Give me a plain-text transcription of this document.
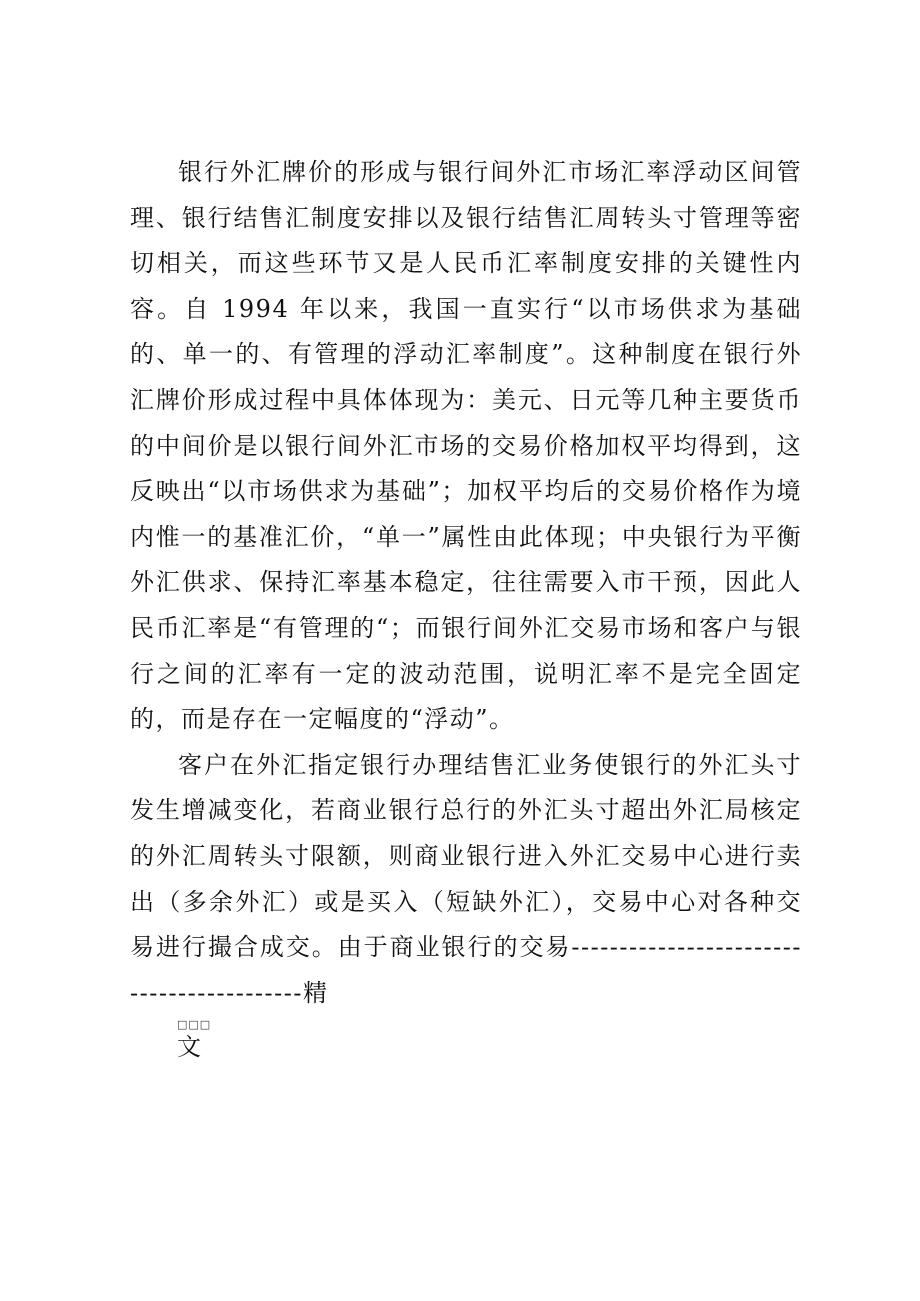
银行外汇牌价的形成与银行间外汇市场汇率浮动区间管理、银行结售汇制度安排以及银行结售汇周转头寸管理等密切相关，而这些环节又是人民币汇率制度安排的关键性内容。自 1994 年以来，我国一直实行“以市场供求为基础的、单一的、有管理的浮动汇率制度”。这种制度在银行外汇牌价形成过程中具体体现为：美元、日元等几种主要货币的中间价是以银行间外汇市场的交易价格加权平均得到，这反映出“以市场供求为基础”；加权平均后的交易价格作为境内惟一的基准汇价，“单一”属性由此体现；中央银行为平衡外汇供求、保持汇率基本稳定，往往需要入市干预，因此人民币汇率是“有管理的“；而银行间外汇交易市场和客户与银行之间的汇率有一定的波动范围，说明汇率不是完全固定的，而是存在一定幅度的“浮动”。

客户在外汇指定银行办理结售汇业务使银行的外汇头寸发生增减变化，若商业银行总行的外汇头寸超出外汇局核定的外汇周转头寸限额，则商业银行进入外汇交易中心进行卖出（多余外汇）或是买入（短缺外汇），交易中心对各种交易进行撮合成交。由于商业银行的交易------------------------------------------精

□□□
文
